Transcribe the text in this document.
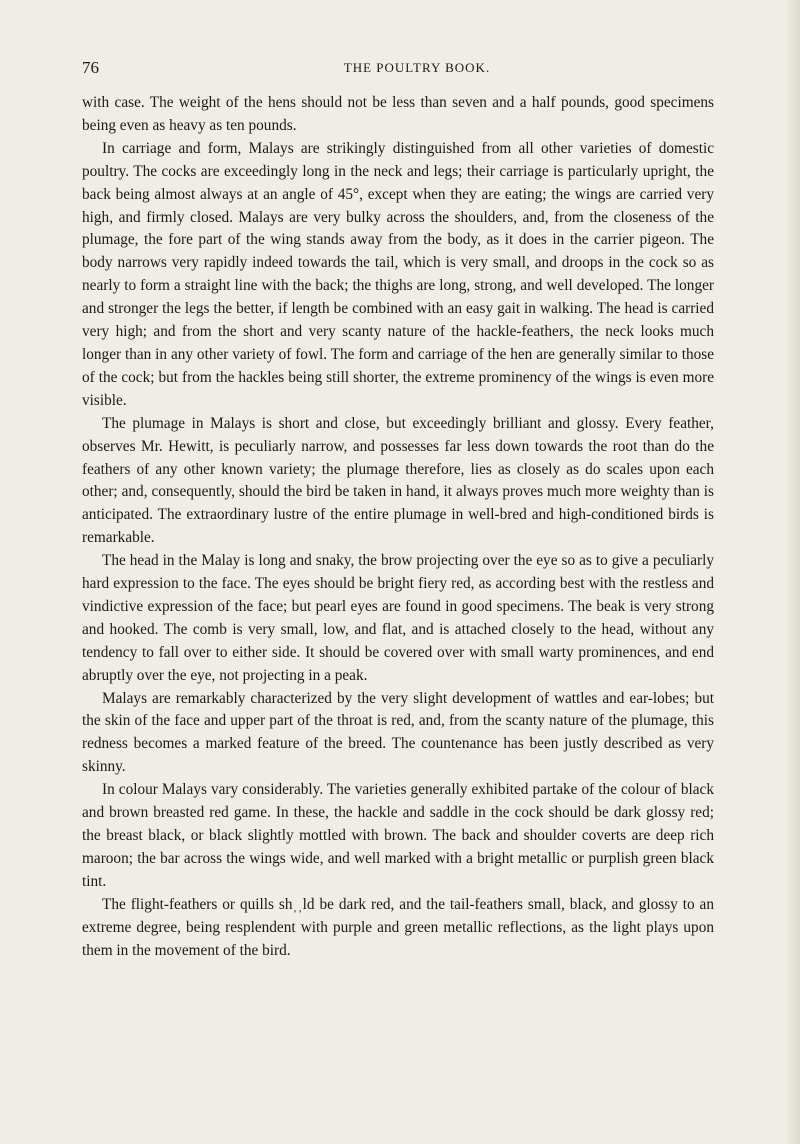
76	THE POULTRY BOOK.

with case. The weight of the hens should not be less than seven and a half pounds, good specimens being even as heavy as ten pounds.

In carriage and form, Malays are strikingly distinguished from all other varieties of domestic poultry. The cocks are exceedingly long in the neck and legs; their carriage is particularly upright, the back being almost always at an angle of 45°, except when they are eating; the wings are carried very high, and firmly closed. Malays are very bulky across the shoulders, and, from the closeness of the plumage, the fore part of the wing stands away from the body, as it does in the carrier pigeon. The body narrows very rapidly indeed towards the tail, which is very small, and droops in the cock so as nearly to form a straight line with the back; the thighs are long, strong, and well developed. The longer and stronger the legs the better, if length be combined with an easy gait in walking. The head is carried very high; and from the short and very scanty nature of the hackle-feathers, the neck looks much longer than in any other variety of fowl. The form and carriage of the hen are generally similar to those of the cock; but from the hackles being still shorter, the extreme prominency of the wings is even more visible.

The plumage in Malays is short and close, but exceedingly brilliant and glossy. Every feather, observes Mr. Hewitt, is peculiarly narrow, and possesses far less down towards the root than do the feathers of any other known variety; the plumage therefore, lies as closely as do scales upon each other; and, consequently, should the bird be taken in hand, it always proves much more weighty than is anticipated. The extraordinary lustre of the entire plumage in well-bred and high-conditioned birds is remarkable.

The head in the Malay is long and snaky, the brow projecting over the eye so as to give a peculiarly hard expression to the face. The eyes should be bright fiery red, as according best with the restless and vindictive expression of the face; but pearl eyes are found in good specimens. The beak is very strong and hooked. The comb is very small, low, and flat, and is attached closely to the head, without any tendency to fall over to either side. It should be covered over with small warty prominences, and end abruptly over the eye, not projecting in a peak.

Malays are remarkably characterized by the very slight development of wattles and ear-lobes; but the skin of the face and upper part of the throat is red, and, from the scanty nature of the plumage, this redness becomes a marked feature of the breed. The countenance has been justly described as very skinny.

In colour Malays vary considerably. The varieties generally exhibited partake of the colour of black and brown breasted red game. In these, the hackle and saddle in the cock should be dark glossy red; the breast black, or black slightly mottled with brown. The back and shoulder coverts are deep rich maroon; the bar across the wings wide, and well marked with a bright metallic or purplish green black tint.

The flight-feathers or quills shˌˌld be dark red, and the tail-feathers small, black, and glossy to an extreme degree, being resplendent with purple and green metallic reflections, as the light plays upon them in the movement of the bird.
